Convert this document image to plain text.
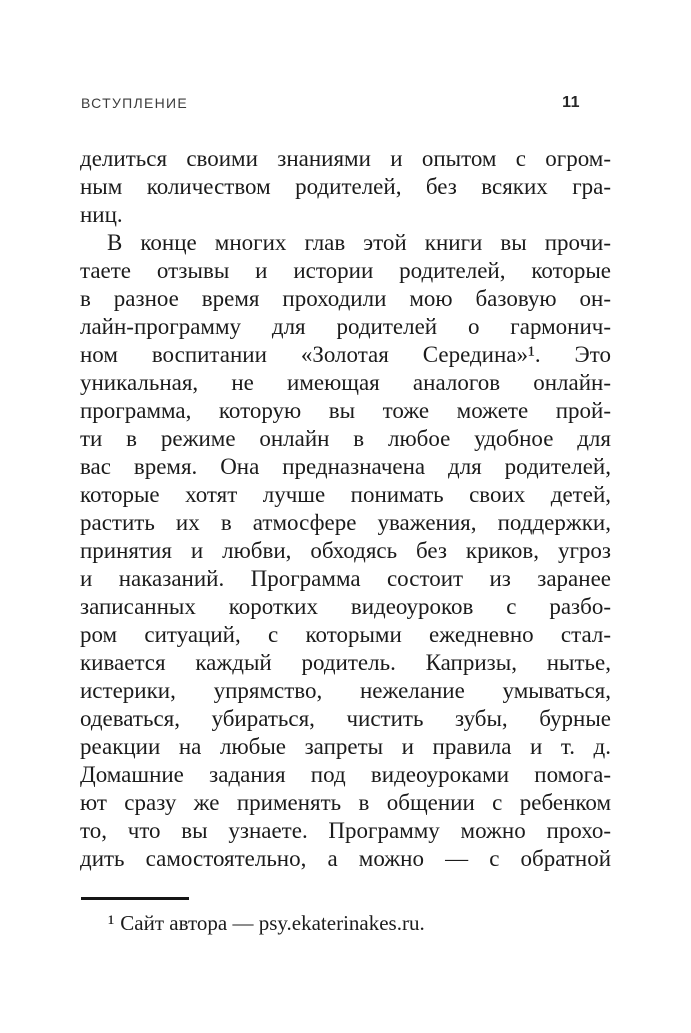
ВСТУПЛЕНИЕ	11
делиться своими знаниями и опытом с огром-
ным количеством родителей, без всяких гра-
ниц.
В конце многих глав этой книги вы прочи-
таете отзывы и истории родителей, которые
в разное время проходили мою базовую он-
лайн-программу для родителей о гармонич-
ном воспитании «Золотая Середина»¹. Это
уникальная, не имеющая аналогов онлайн-
программа, которую вы тоже можете прой-
ти в режиме онлайн в любое удобное для
вас время. Она предназначена для родителей,
которые хотят лучше понимать своих детей,
растить их в атмосфере уважения, поддержки,
принятия и любви, обходясь без криков, угроз
и наказаний. Программа состоит из заранее
записанных коротких видеоуроков с разбо-
ром ситуаций, с которыми ежедневно стал-
кивается каждый родитель. Капризы, нытье,
истерики, упрямство, нежелание умываться,
одеваться, убираться, чистить зубы, бурные
реакции на любые запреты и правила и т. д.
Домашние задания под видеоуроками помога-
ют сразу же применять в общении с ребенком
то, что вы узнаете. Программу можно прохо-
дить самостоятельно, а можно — с обратной
¹ Сайт автора — psy.ekaterinakes.ru.
